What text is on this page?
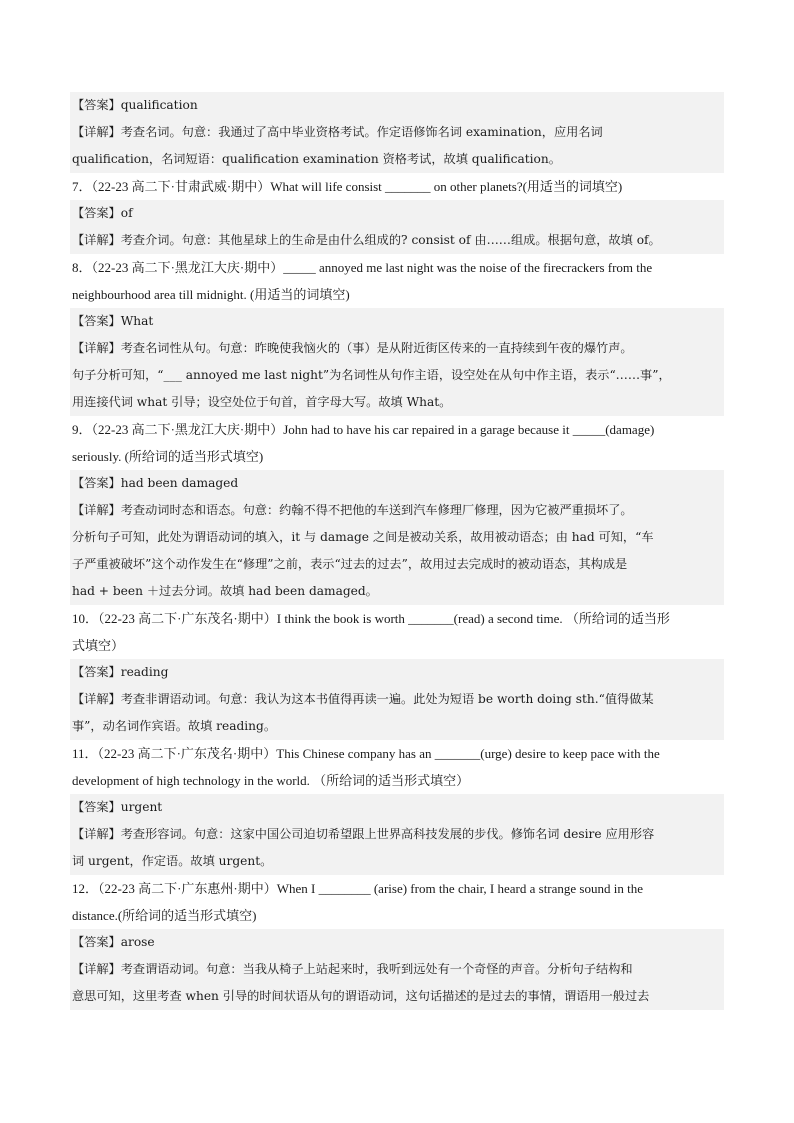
【答案】qualification
【详解】考查名词。句意：我通过了高中毕业资格考试。作定语修饰名词 examination，应用名词
qualification，名词短语：qualification examination 资格考试，故填 qualification。
7．（22-23 高二下·甘肃武威·期中）What will life consist _______ on other planets?(用适当的词填空)
【答案】of
【详解】考查介词。句意：其他星球上的生命是由什么组成的? consist of 由……组成。根据句意，故填 of。
8．（22-23 高二下·黑龙江大庆·期中）_____ annoyed me last night was the noise of the firecrackers from the
neighbourhood area till midnight. (用适当的词填空)
【答案】What
【详解】考查名词性从句。句意：昨晚使我恼火的（事）是从附近街区传来的一直持续到午夜的爆竹声。
句子分析可知，“___ annoyed me last night”为名词性从句作主语，设空处在从句中作主语，表示“……事”，
用连接代词 what 引导；设空处位于句首，首字母大写。故填 What。
9．（22-23 高二下·黑龙江大庆·期中）John had to have his car repaired in a garage because it _____(damage)
seriously. (所给词的适当形式填空)
【答案】had been damaged
【详解】考查动词时态和语态。句意：约翰不得不把他的车送到汽车修理厂修理，因为它被严重损坏了。
分析句子可知，此处为谓语动词的填入，it 与 damage 之间是被动关系，故用被动语态；由 had 可知，“车
子严重被破坏”这个动作发生在“修理”之前，表示“过去的过去”，故用过去完成时的被动语态，其构成是
had + been ＋过去分词。故填 had been damaged。
10．（22-23 高二下·广东茂名·期中）I think the book is worth _______(read) a second time. （所给词的适当形
式填空）
【答案】reading
【详解】考查非谓语动词。句意：我认为这本书值得再读一遍。此处为短语 be worth doing sth.“值得做某
事”，动名词作宾语。故填 reading。
11．（22-23 高二下·广东茂名·期中）This Chinese company has an _______(urge) desire to keep pace with the
development of high technology in the world. （所给词的适当形式填空）
【答案】urgent
【详解】考查形容词。句意：这家中国公司迫切希望跟上世界高科技发展的步伐。修饰名词 desire 应用形容
词 urgent，作定语。故填 urgent。
12．（22-23 高二下·广东惠州·期中）When I ________ (arise) from the chair, I heard a strange sound in the
distance.(所给词的适当形式填空)
【答案】arose
【详解】考查谓语动词。句意：当我从椅子上站起来时，我听到远处有一个奇怪的声音。分析句子结构和
意思可知，这里考查 when 引导的时间状语从句的谓语动词，这句话描述的是过去的事情，谓语用一般过去
